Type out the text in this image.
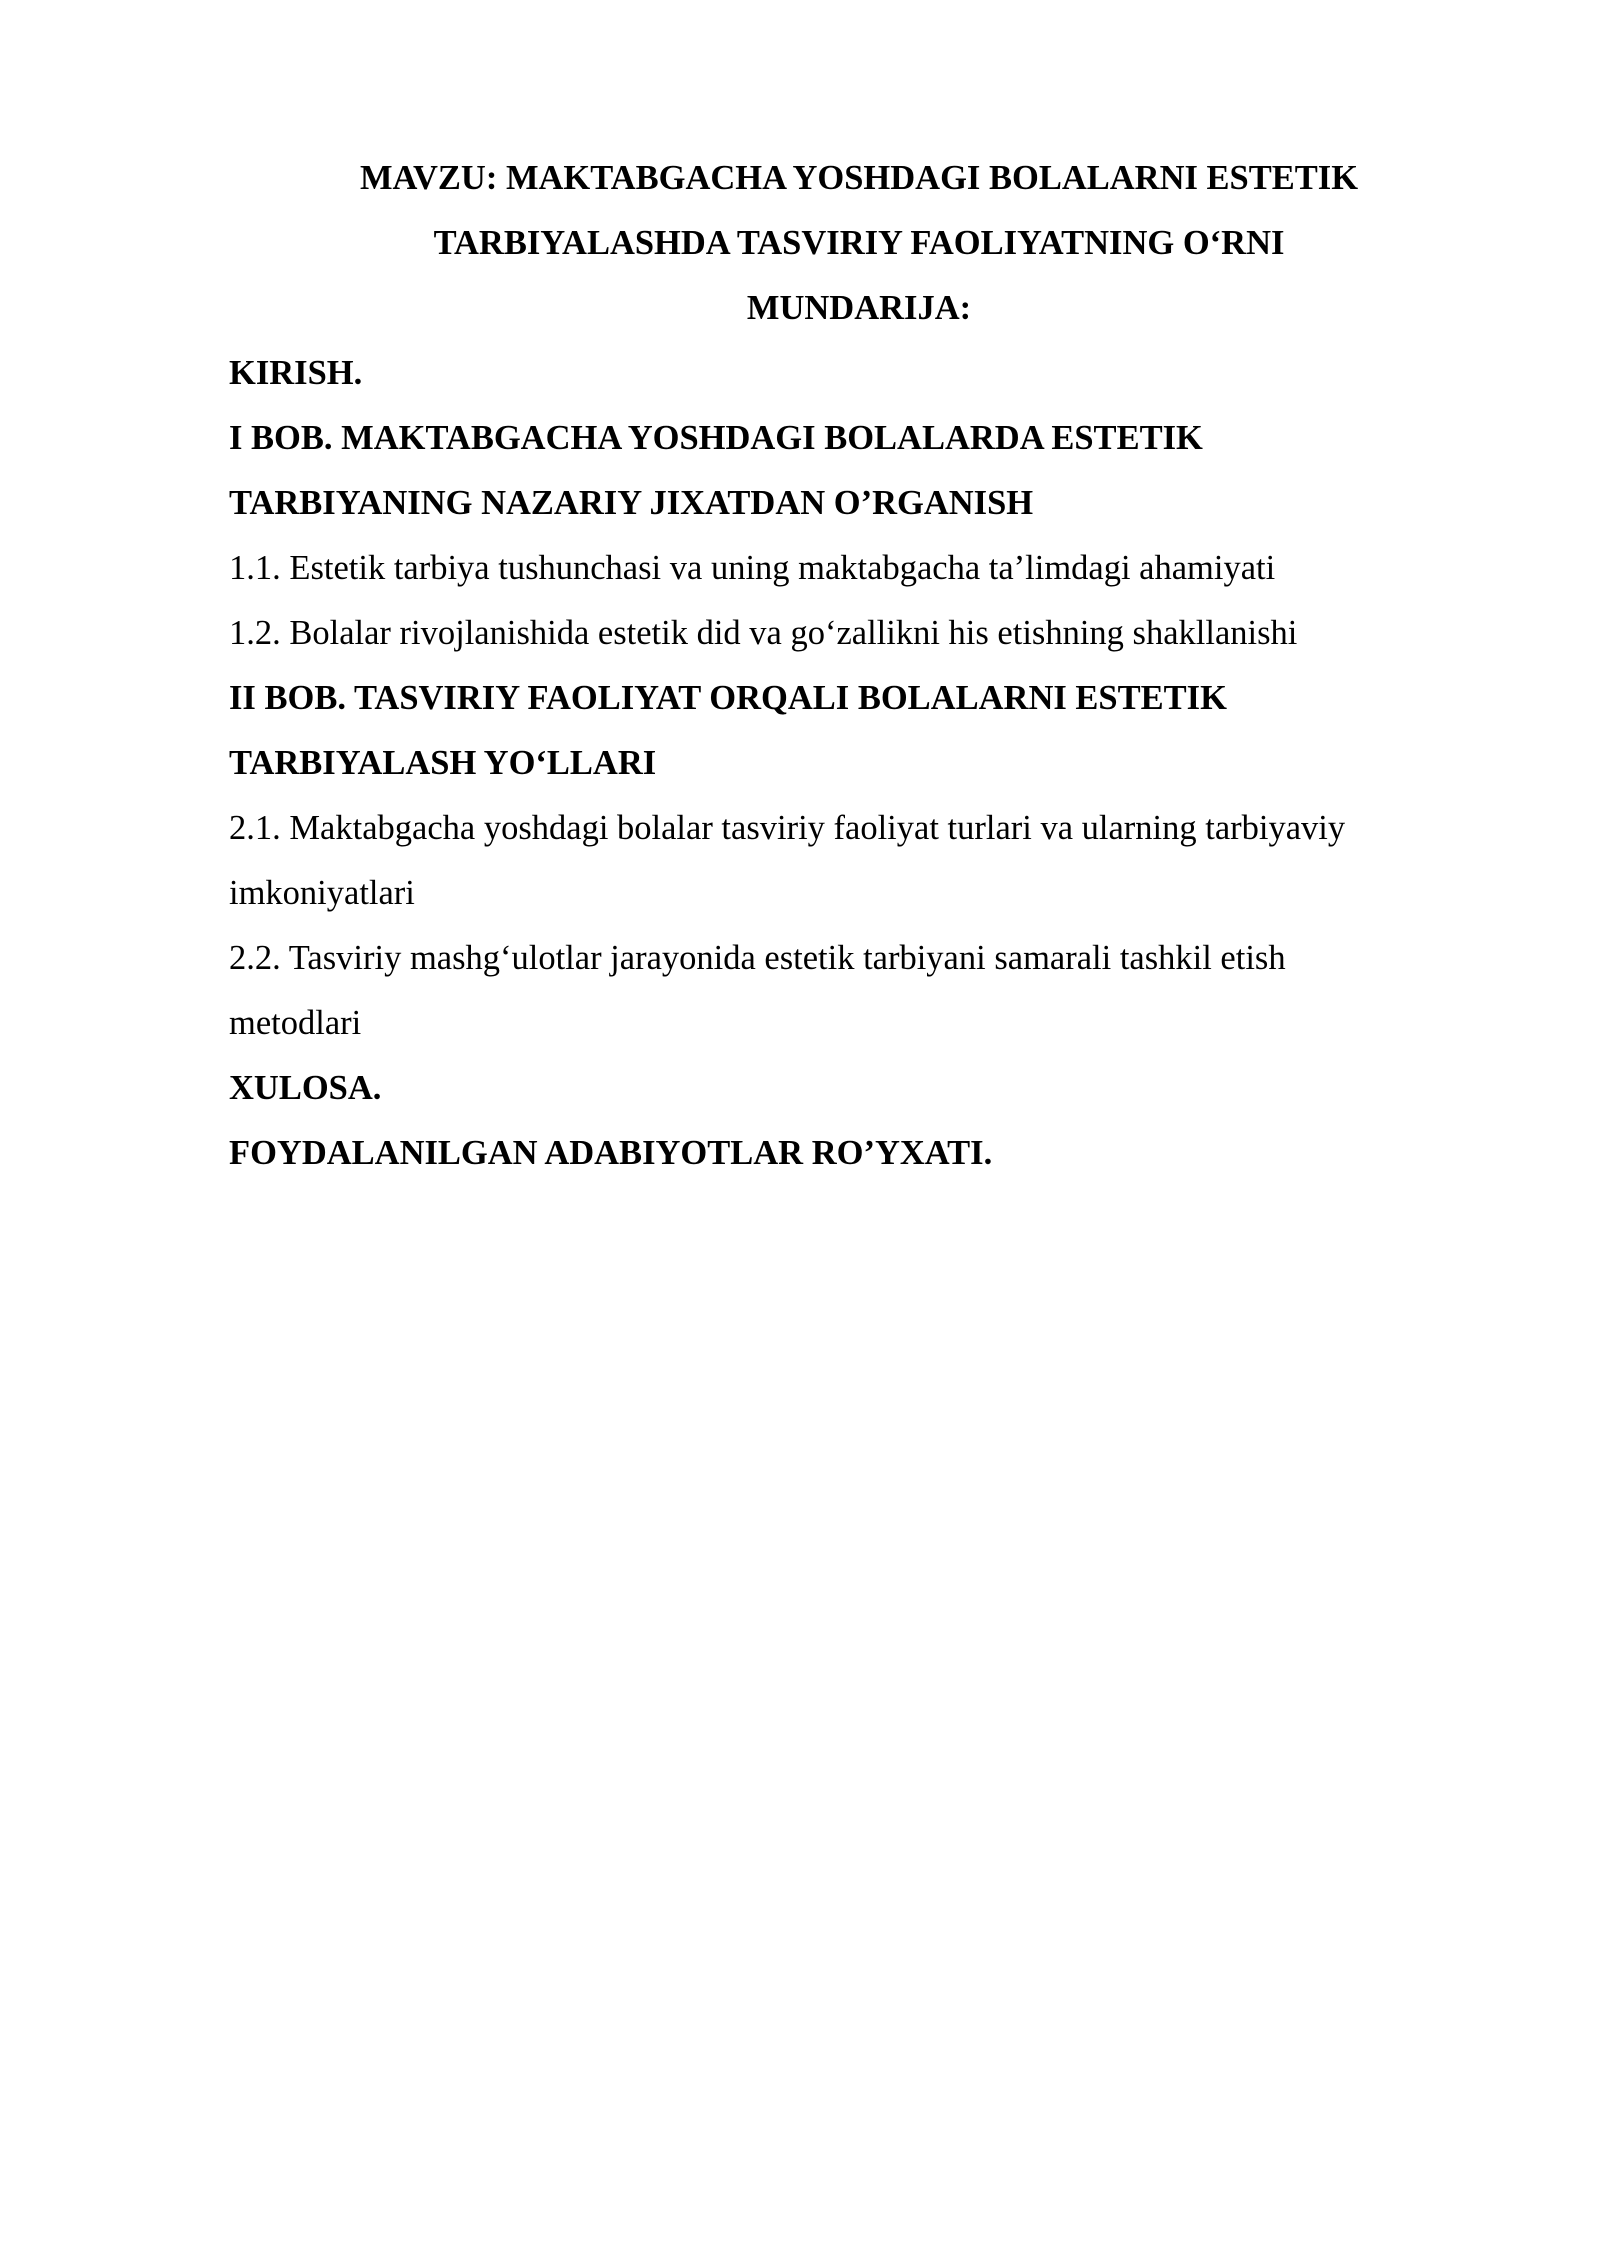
MAVZU: MAKTABGACHA YOSHDAGI BOLALARNI ESTETIK

TARBIYALASHDA TASVIRIY FAOLIYATNING O‘RNI

MUNDARIJA:

KIRISH.

I BOB. MAKTABGACHA YOSHDAGI BOLALARDA ESTETIK

TARBIYANING NAZARIY JIXATDAN O’RGANISH

1.1. Estetik tarbiya tushunchasi va uning maktabgacha ta’limdagi ahamiyati

1.2. Bolalar rivojlanishida estetik did va go‘zallikni his etishning shakllanishi

II BOB. TASVIRIY FAOLIYAT ORQALI BOLALARNI ESTETIK

TARBIYALASH YO‘LLARI

2.1. Maktabgacha yoshdagi bolalar tasviriy faoliyat turlari va ularning tarbiyaviy

imkoniyatlari

2.2. Tasviriy mashg‘ulotlar jarayonida estetik tarbiyani samarali tashkil etish

metodlari

XULOSA.

FOYDALANILGAN ADABIYOTLAR RO’YXATI.
